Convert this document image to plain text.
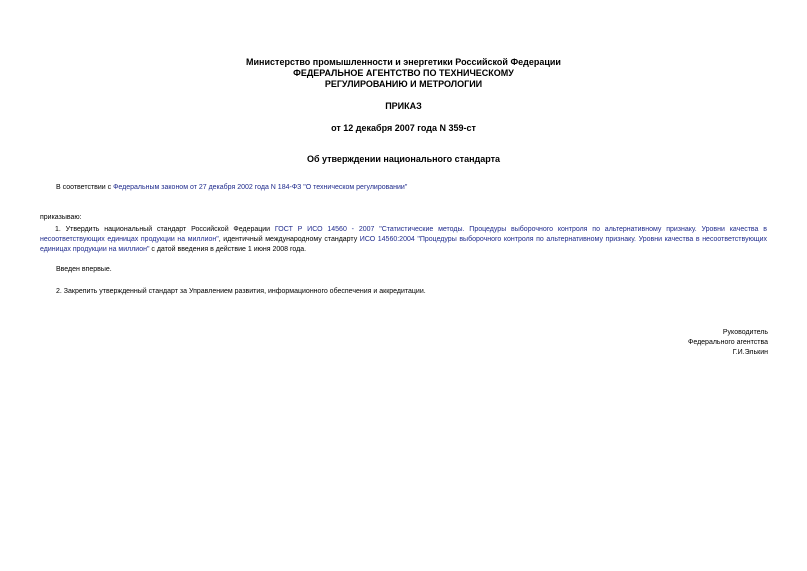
Министерство промышленности и энергетики Российской Федерации
ФЕДЕРАЛЬНОЕ АГЕНТСТВО ПО ТЕХНИЧЕСКОМУ
РЕГУЛИРОВАНИЮ И МЕТРОЛОГИИ
ПРИКАЗ
от 12 декабря 2007 года N 359-ст
Об утверждении национального стандарта
В соответствии с Федеральным законом от 27 декабря 2002 года N 184-ФЗ "О техническом регулировании"
приказываю:
1. Утвердить национальный стандарт Российской Федерации ГОСТ Р ИСО 14560 - 2007 "Статистические методы. Процедуры выборочного контроля по альтернативному признаку. Уровни качества в несоответствующих единицах продукции на миллион", идентичный международному стандарту ИСО 14560:2004 "Процедуры выборочного контроля по альтернативному признаку. Уровни качества в несоответствующих единицах продукции на миллион" с датой введения в действие 1 июня 2008 года.
Введен впервые.
2. Закрепить утвержденный стандарт за Управлением развития, информационного обеспечения и аккредитации.
Руководитель
Федерального агентства
Г.И.Элькин
